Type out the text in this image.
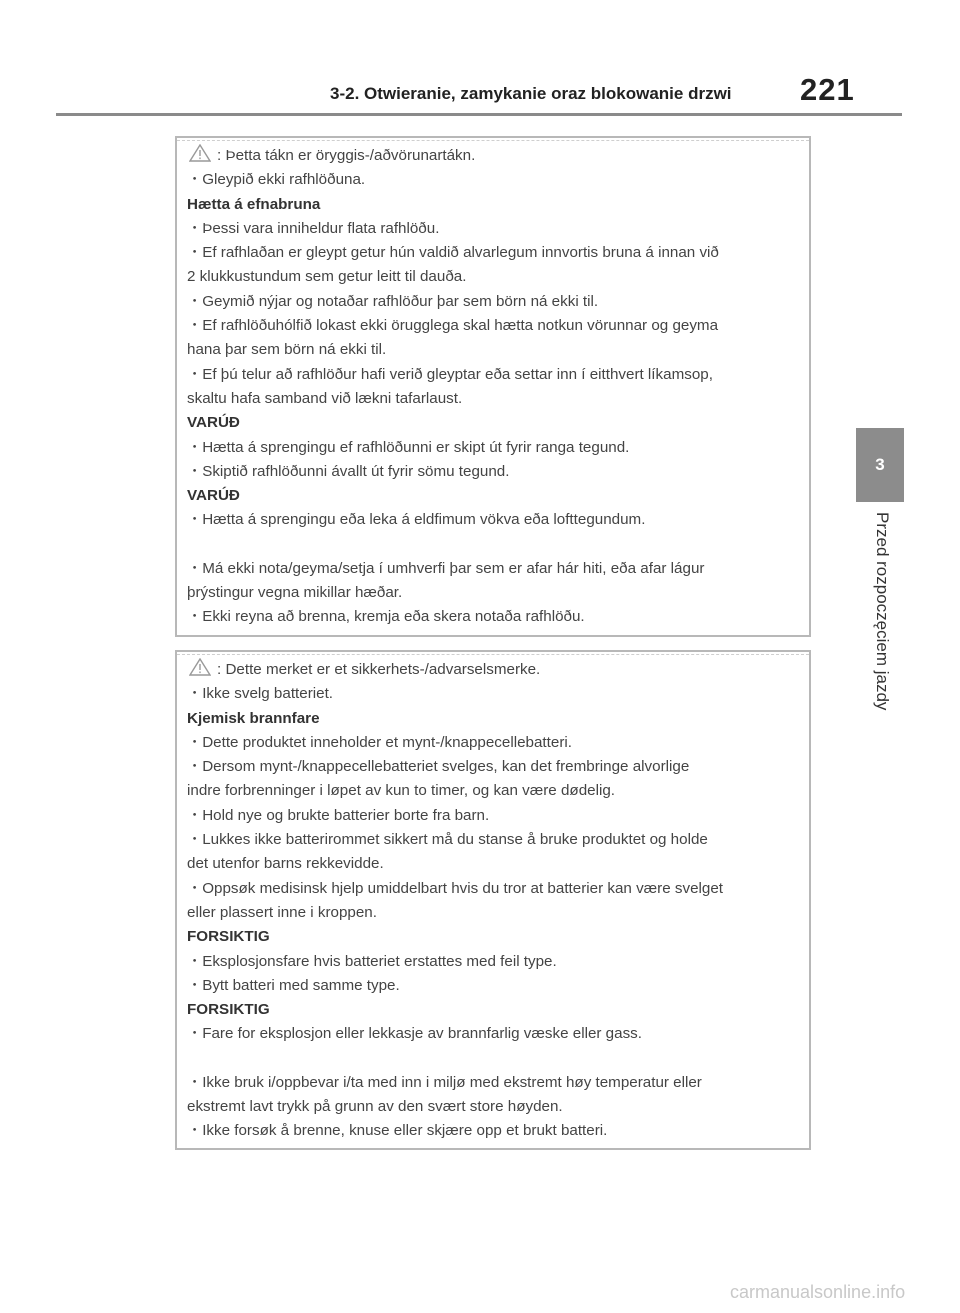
3-2. Otwieranie, zamykanie oraz blokowanie drzwi 221
3
Przed rozpoczęciem jazdy
: Þetta tákn er öryggis-/aðvörunartákn.
・Gleypið ekki rafhlöðuna.
Hætta á efnabruna
・Þessi vara inniheldur flata rafhlöðu.
・Ef rafhlaðan er gleypt getur hún valdið alvarlegum innvortis bruna á innan við
2 klukkustundum sem getur leitt til dauða.
・Geymið nýjar og notaðar rafhlöður þar sem börn ná ekki til.
・Ef rafhlöðuhólfið lokast ekki örugglega skal hætta notkun vörunnar og geyma
hana þar sem börn ná ekki til.
・Ef þú telur að rafhlöður hafi verið gleyptar eða settar inn í eitthvert líkamsop,
skaltu hafa samband við lækni tafarlaust.
VARÚÐ
・Hætta á sprengingu ef rafhlöðunni er skipt út fyrir ranga tegund.
・Skiptið rafhlöðunni ávallt út fyrir sömu tegund.
VARÚÐ
・Hætta á sprengingu eða leka á eldfimum vökva eða lofttegundum.
・Má ekki nota/geyma/setja í umhverfi þar sem er afar hár hiti, eða afar lágur
þrýstingur vegna mikillar hæðar.
・Ekki reyna að brenna, kremja eða skera notaða rafhlöðu.
: Dette merket er et sikkerhets-/advarselsmerke.
・Ikke svelg batteriet.
Kjemisk brannfare
・Dette produktet inneholder et mynt-/knappecellebatteri.
・Dersom mynt-/knappecellebatteriet svelges, kan det frembringe alvorlige
indre forbrenninger i løpet av kun to timer, og kan være dødelig.
・Hold nye og brukte batterier borte fra barn.
・Lukkes ikke batterirommet sikkert må du stanse å bruke produktet og holde
det utenfor barns rekkevidde.
・Oppsøk medisinsk hjelp umiddelbart hvis du tror at batterier kan være svelget
eller plassert inne i kroppen.
FORSIKTIG
・Eksplosjonsfare hvis batteriet erstattes med feil type.
・Bytt batteri med samme type.
FORSIKTIG
・Fare for eksplosjon eller lekkasje av brannfarlig væske eller gass.
・Ikke bruk i/oppbevar i/ta med inn i miljø med ekstremt høy temperatur eller
ekstremt lavt trykk på grunn av den svært store høyden.
・Ikke forsøk å brenne, knuse eller skjære opp et brukt batteri.
carmanualsonline.info
